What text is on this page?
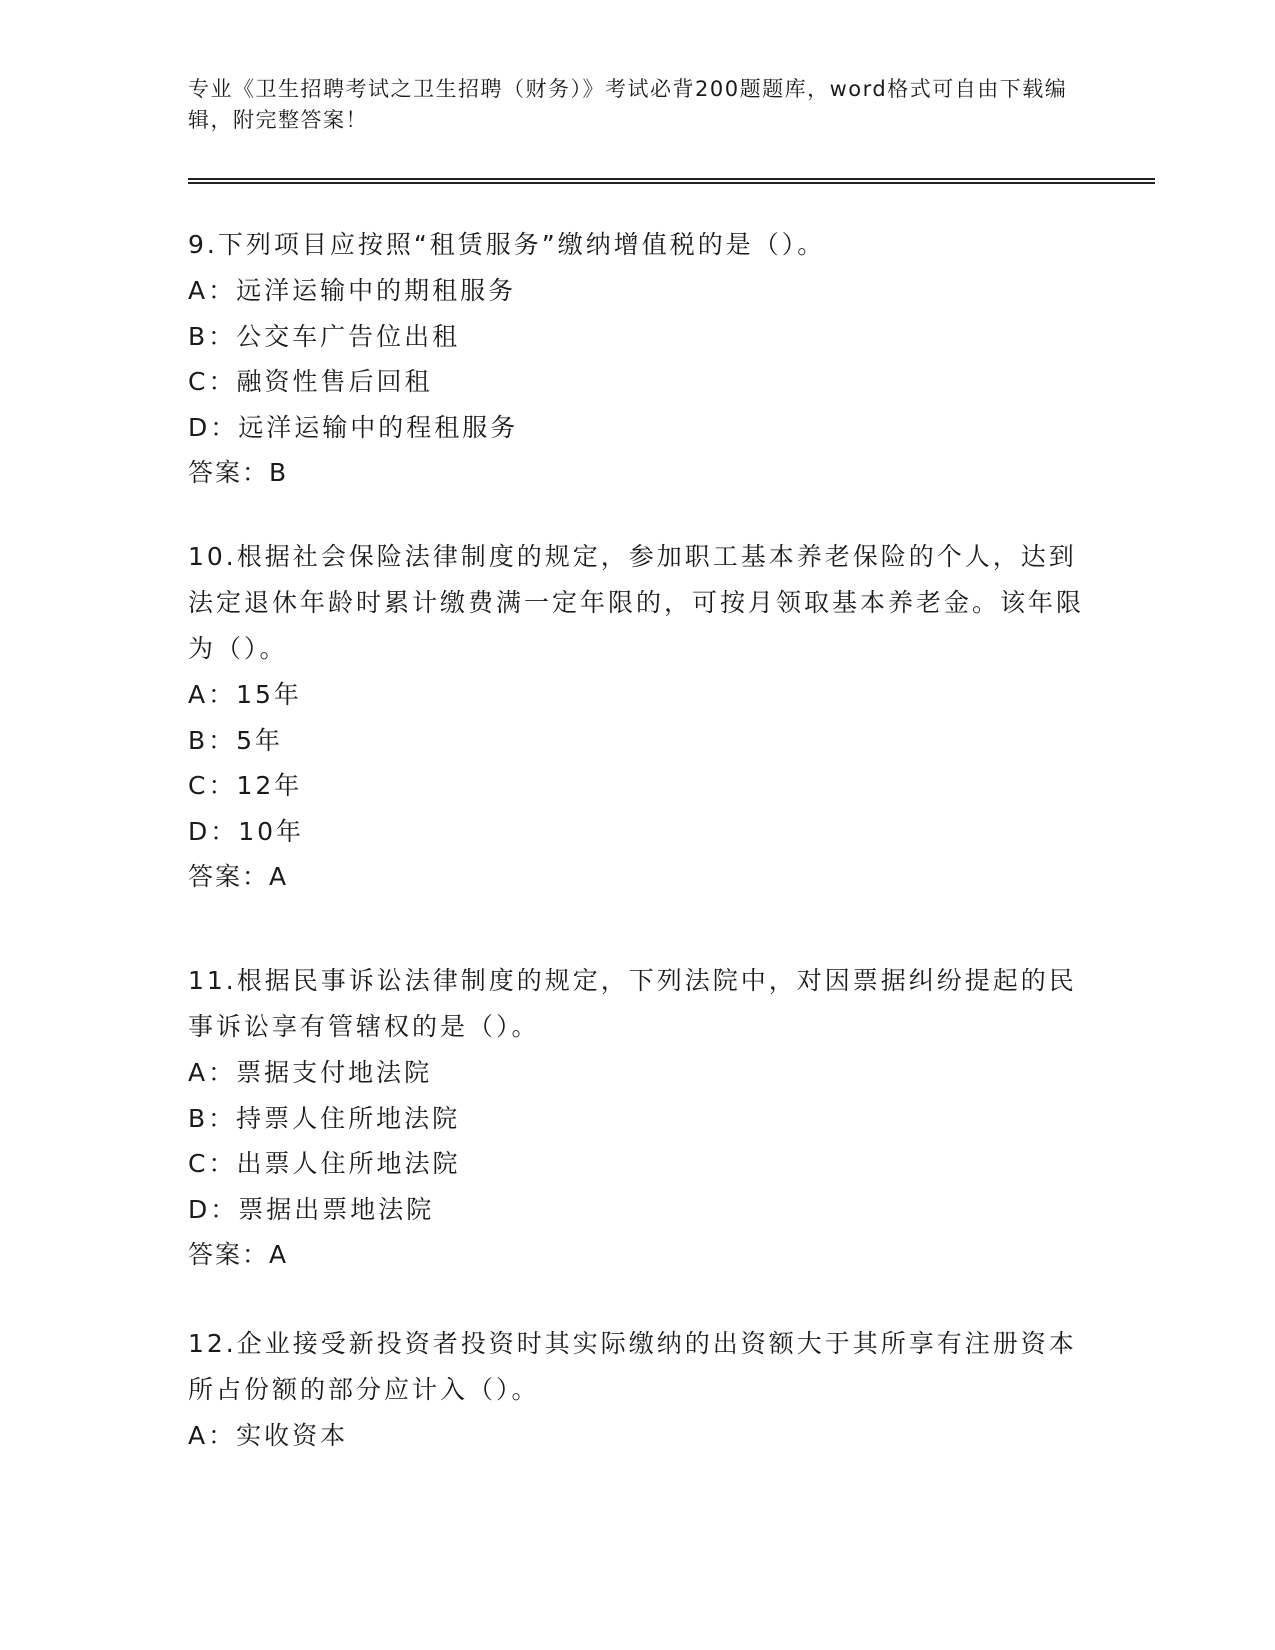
专业《卫生招聘考试之卫生招聘（财务）》考试必背200题题库，word格式可自由下载编辑，附完整答案！
9.下列项目应按照“租赁服务”缴纳增值税的是（）。
A：远洋运输中的期租服务
B：公交车广告位出租
C：融资性售后回租
D：远洋运输中的程租服务
答案：B
10.根据社会保险法律制度的规定，参加职工基本养老保险的个人，达到法定退休年龄时累计缴费满一定年限的，可按月领取基本养老金。该年限为（）。
A：15年
B：5年
C：12年
D：10年
答案：A
11.根据民事诉讼法律制度的规定，下列法院中，对因票据纠纷提起的民事诉讼享有管辖权的是（）。
A：票据支付地法院
B：持票人住所地法院
C：出票人住所地法院
D：票据出票地法院
答案：A
12.企业接受新投资者投资时其实际缴纳的出资额大于其所享有注册资本所占份额的部分应计入（）。
A：实收资本
